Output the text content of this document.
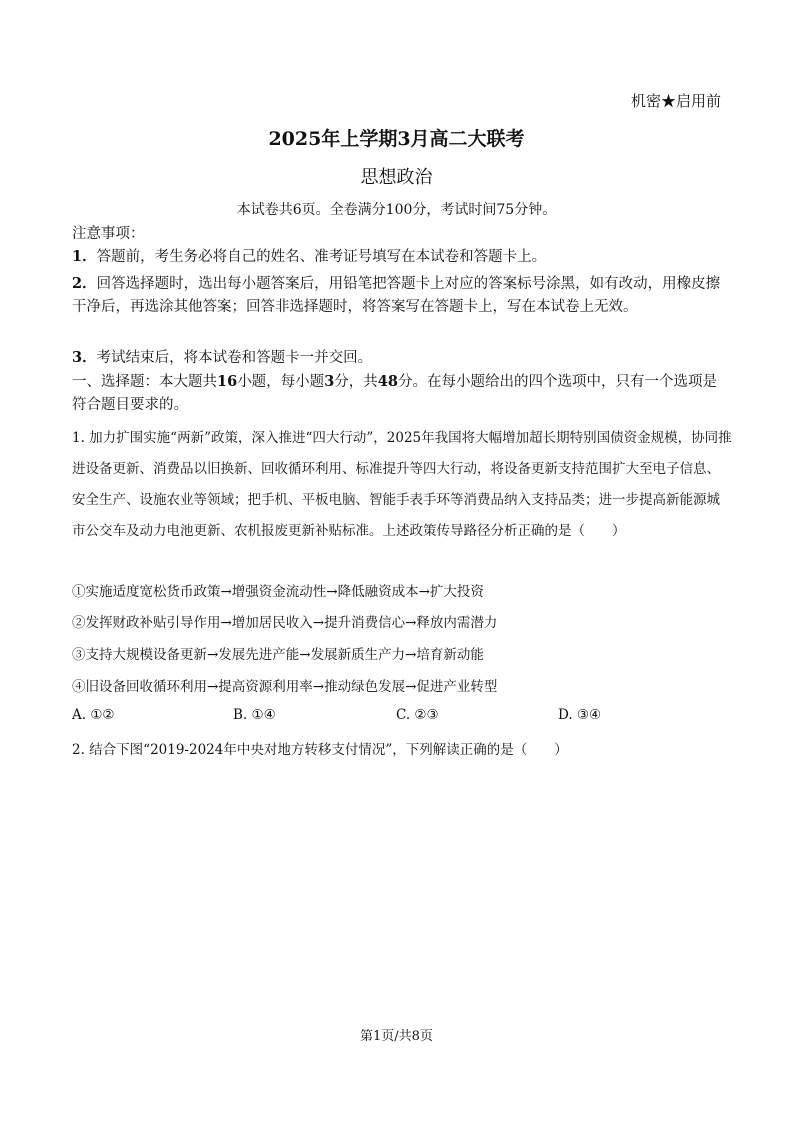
机密★启用前
2025年上学期3月高二大联考
思想政治
本试卷共6页。全卷满分100分，考试时间75分钟。
注意事项：
1．答题前，考生务必将自己的姓名、准考证号填写在本试卷和答题卡上。
2．回答选择题时，选出每小题答案后，用铅笔把答题卡上对应的答案标号涂黑，如有改动，用橡皮擦干净后，再选涂其他答案；回答非选择题时，将答案写在答题卡上，写在本试卷上无效。
3．考试结束后，将本试卷和答题卡一并交回。
一、选择题：本大题共16小题，每小题3分，共48分。在每小题给出的四个选项中，只有一个选项是符合题目要求的。
1. 加力扩围实施“两新”政策，深入推进“四大行动”，2025年我国将大幅增加超长期特别国债资金规模，协同推进设备更新、消费品以旧换新、回收循环利用、标准提升等四大行动，将设备更新支持范围扩大至电子信息、安全生产、设施农业等领域；把手机、平板电脑、智能手表手环等消费品纳入支持品类；进一步提高新能源城市公交车及动力电池更新、农机报废更新补贴标准。上述政策传导路径分析正确的是（　　）
①实施适度宽松货币政策→增强资金流动性→降低融资成本→扩大投资
②发挥财政补贴引导作用→增加居民收入→提升消费信心→释放内需潜力
③支持大规模设备更新→发展先进产能→发展新质生产力→培育新动能
④旧设备回收循环利用→提高资源利用率→推动绿色发展→促进产业转型
A. ①②	B. ①④	C. ②③	D. ③④
2. 结合下图“2019-2024年中央对地方转移支付情况”，下列解读正确的是（　　）
第1页/共8页
